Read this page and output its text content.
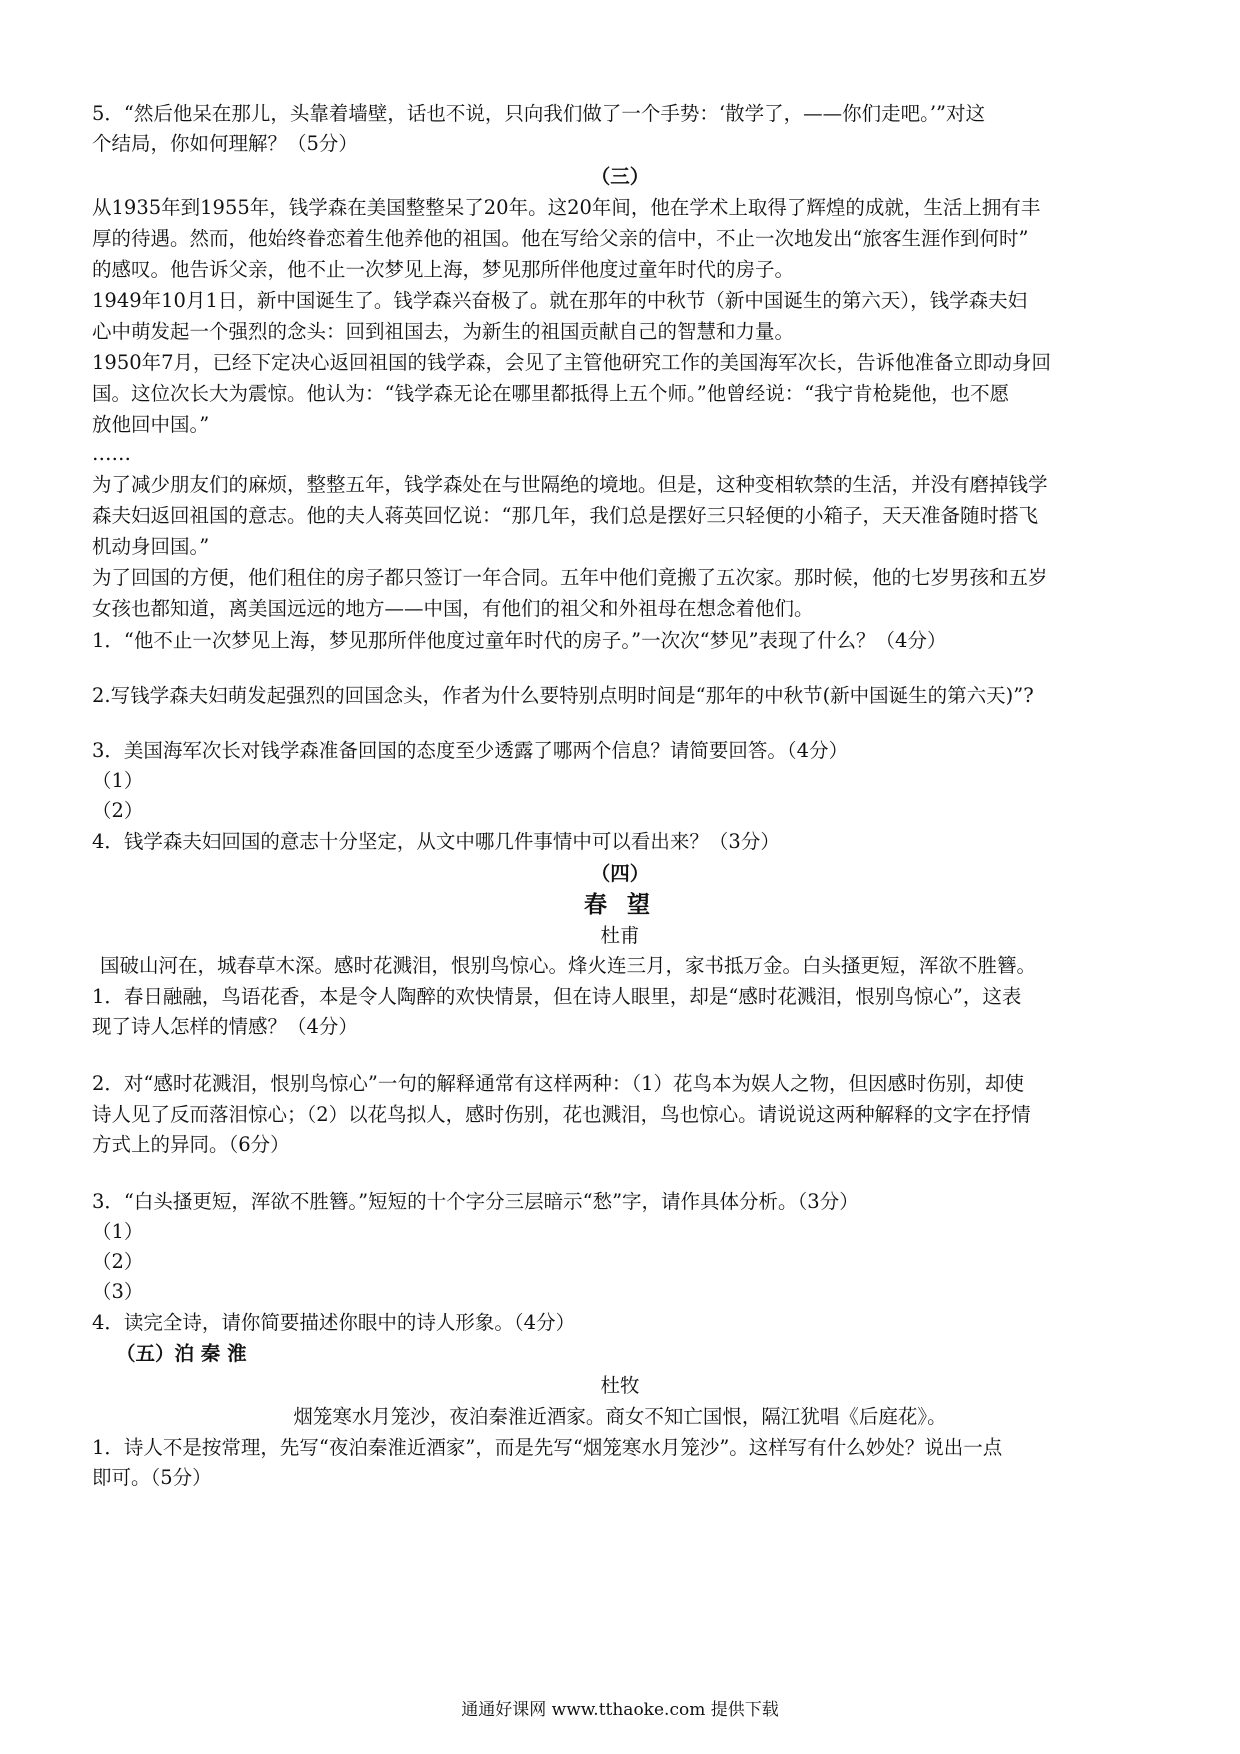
5．“然后他呆在那儿，头靠着墙壁，话也不说，只向我们做了一个手势：‘散学了，——你们走吧。’”对这
个结局，你如何理解？（5分）
（三）
从1935年到1955年，钱学森在美国整整呆了20年。这20年间，他在学术上取得了辉煌的成就，生活上拥有丰
厚的待遇。然而，他始终眷恋着生他养他的祖国。他在写给父亲的信中，不止一次地发出“旅客生涯作到何时”
的感叹。他告诉父亲，他不止一次梦见上海，梦见那所伴他度过童年时代的房子。
1949年10月1日，新中国诞生了。钱学森兴奋极了。就在那年的中秋节（新中国诞生的第六天），钱学森夫妇
心中萌发起一个强烈的念头：回到祖国去，为新生的祖国贡献自己的智慧和力量。
1950年7月，已经下定决心返回祖国的钱学森，会见了主管他研究工作的美国海军次长，告诉他准备立即动身回
国。这位次长大为震惊。他认为：“钱学森无论在哪里都抵得上五个师。”他曾经说：“我宁肯枪毙他，也不愿
放他回中国。”
……
为了减少朋友们的麻烦，整整五年，钱学森处在与世隔绝的境地。但是，这种变相软禁的生活，并没有磨掉钱学
森夫妇返回祖国的意志。他的夫人蒋英回忆说：“那几年，我们总是摆好三只轻便的小箱子，天天准备随时搭飞
机动身回国。”
为了回国的方便，他们租住的房子都只签订一年合同。五年中他们竟搬了五次家。那时候，他的七岁男孩和五岁
女孩也都知道，离美国远远的地方——中国，有他们的祖父和外祖母在想念着他们。
1．“他不止一次梦见上海，梦见那所伴他度过童年时代的房子。”一次次“梦见”表现了什么？（4分）
2.写钱学森夫妇萌发起强烈的回国念头，作者为什么要特别点明时间是“那年的中秋节(新中国诞生的第六天)”?
3．美国海军次长对钱学森准备回国的态度至少透露了哪两个信息？请简要回答。（4分）
（1）
（2）
4．钱学森夫妇回国的意志十分坚定，从文中哪几件事情中可以看出来？（3分）
（四）
春 望
杜甫
国破山河在，城春草木深。感时花溅泪，恨别鸟惊心。烽火连三月，家书抵万金。白头搔更短，浑欲不胜簪。
1．春日融融，鸟语花香，本是令人陶醉的欢快情景，但在诗人眼里，却是“感时花溅泪，恨别鸟惊心”，这表
现了诗人怎样的情感？（4分）
2．对“感时花溅泪，恨别鸟惊心”一句的解释通常有这样两种：（1）花鸟本为娱人之物，但因感时伤别，却使
诗人见了反而落泪惊心；（2）以花鸟拟人，感时伤别，花也溅泪，鸟也惊心。请说说这两种解释的文字在抒情
方式上的异同。（6分）
3．“白头搔更短，浑欲不胜簪。”短短的十个字分三层暗示“愁”字，请作具体分析。（3分）
（1）
（2）
（3）
4．读完全诗，请你简要描述你眼中的诗人形象。（4分）
（五）泊 秦 淮
杜牧
烟笼寒水月笼沙，夜泊秦淮近酒家。商女不知亡国恨，隔江犹唱《后庭花》。
1．诗人不是按常理，先写“夜泊秦淮近酒家”，而是先写“烟笼寒水月笼沙”。这样写有什么妙处？说出一点
即可。（5分）
通通好课网 www.tthaoke.com 提供下载
